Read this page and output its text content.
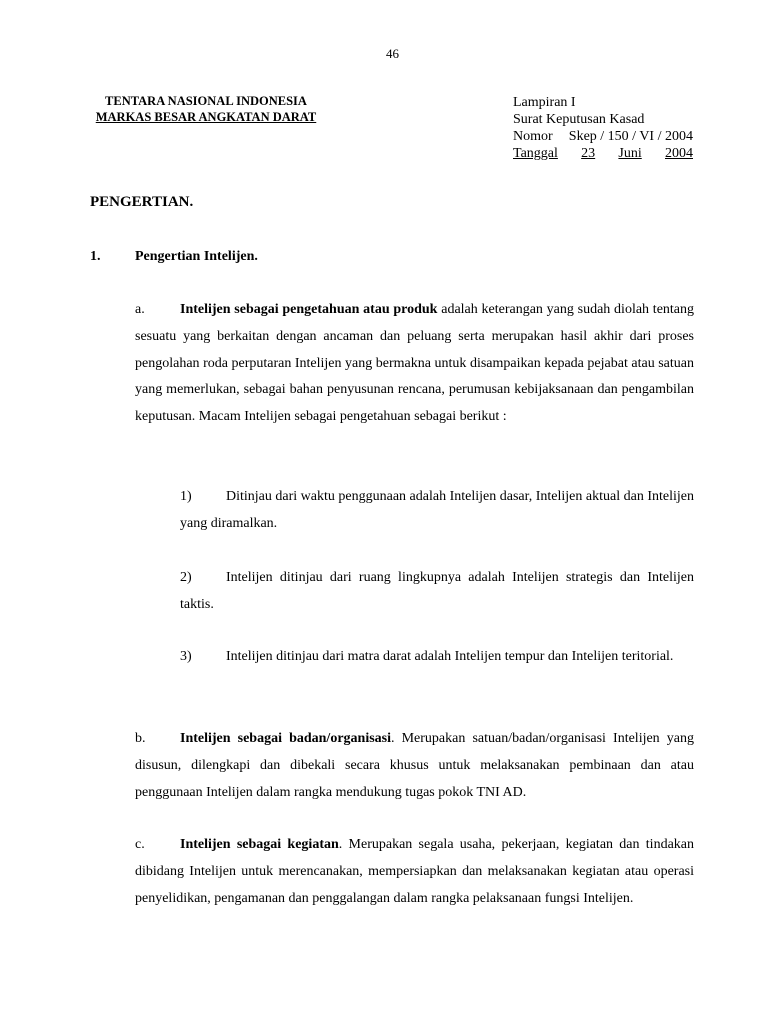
46
TENTARA NASIONAL INDONESIA
MARKAS BESAR ANGKATAN DARAT
Lampiran I
Surat Keputusan Kasad
Nomor Skep / 150 / VI / 2004
Tanggal 23 Juni 2004
PENGERTIAN.
1. Pengertian Intelijen.
a.	Intelijen sebagai pengetahuan atau produk adalah keterangan yang sudah diolah tentang sesuatu yang berkaitan dengan ancaman dan peluang serta merupakan hasil akhir dari proses pengolahan roda perputaran Intelijen yang bermakna untuk disampaikan kepada pejabat atau satuan yang memerlukan, sebagai bahan penyusunan rencana, perumusan kebijaksanaan dan pengambilan keputusan. Macam Intelijen sebagai pengetahuan sebagai berikut :
1) Ditinjau dari waktu penggunaan adalah Intelijen dasar, Intelijen aktual dan Intelijen yang diramalkan.
2) Intelijen ditinjau dari ruang lingkupnya adalah Intelijen strategis dan Intelijen taktis.
3) Intelijen ditinjau dari matra darat adalah Intelijen tempur dan Intelijen teritorial.
b. Intelijen sebagai badan/organisasi. Merupakan satuan/badan/organisasi Intelijen yang disusun, dilengkapi dan dibekali secara khusus untuk melaksanakan pembinaan dan atau penggunaan Intelijen dalam rangka mendukung tugas pokok TNI AD.
c.	Intelijen sebagai kegiatan. Merupakan segala usaha, pekerjaan, kegiatan dan tindakan dibidang Intelijen untuk merencanakan, mempersiapkan dan melaksanakan kegiatan atau operasi penyelidikan, pengamanan dan penggalangan dalam rangka pelaksanaan fungsi Intelijen.
